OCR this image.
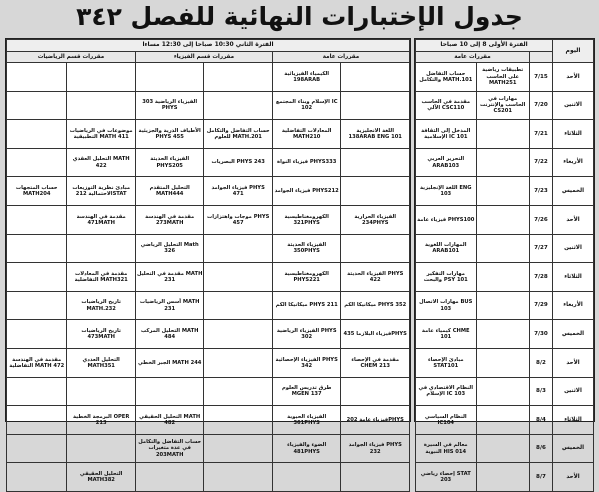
جدول الإختبارات النهائية للفصل ٣٤٢
الفترة الثاني 10:30 صباحا إلى 12:30 مساءا					
مقررات قسم الرياضيات		مقررات قسم الفيزياء		مقررات عامة	

				الكيمياء الفيزيائية 198ARAB	

		الفيزياء الرياضية 303 PHYS		الإسلام وبناء المجتمع IC 102	

	موضوعات في الرياضيات التطبيقية MATH 411	الأطياف الذرية والجزيئية PHYS 455	حساب التفاضل والتكامل للعلوم MATH.201	المعادلات التفاضلية MATH210	اللغة الانجليزية 138ARAB ENG 101

	التحليل العقدي MATH 422	الفيزياء الحديثة PHYS205	البصريات PHYS 243	فيزياء النواة PHYS333	

حساب المتجهات MATH204	مبادئ نظرية التوزيعات الاحتمالية 212STAT	التحليل المتقدم MATH444	فيزياء الجوامد PHYS 471	فيزياء الجوامد PHYS212	

	مقدمة في الهندسة 471MATH	مقدمة في الهندسة 273MATH	موجات واهتزازات PHYS 457	الكهرومغناطيسية 321PHYS	الفيزياء الحرارية 234PHYS

		التحليل الرياضي Math 326		الفيزياء الحديثة 350PHYS	

	مقدمة في المعادلات التفاضلية MATH321	مقدمة في التحليل MATH 231		الكهرومغناطيسية PHYS221	الفيزياء الحديثة PHYS 422

	تاريخ الرياضيات MATH.232	أسس الرياضيات MATH 231		ميكانيكا الكم PHYS 211	ميكانيكا الكم PHYS 352

	تاريخ الرياضيات 473MATH	التحليل المركب MATH 484		الفيزياء الرياضية PHYS 302	فيزياء البلازما 435PHYS

مقدمة في الهندسة التفاضلية MATH 472	التحليل العددي MATH351	الجبر الخطي MATH 244		الفيزياء الإحصائية PHYS 342	مقدمة في الإحصاء CHEM 213

				طرق تدريس العلوم MGEN 137	

	البرمجة الخطية OPER 213	التحليل الحقيقي MATH 482		الفيزياء الحيوية 361PHYS	فيزياء عامة 202PHYS

		حساب التفاضل والتكامل في عدة متغيرات 203MATH		الضوء والفيزياء 481PHYS	فيزياء الجوامد PHYS 232

	التحليل الحقيقي MATH382				

الفترة الأولى 8 إلى 10 صباحا			اليوم
مقررات عامة			

حساب التفاضل والتكامل MATH.101	تطبيقات رياضية على الحاسب MATH251	7/15	الأحد

مقدمة في الحاسب الآلي CSC110	مهارات في الحاسب والإنترنت CS201	7/20	الاثنين

المدخل إلى الثقافة الإسلامية IC 101		7/21	الثلاثاء

التحرير العربي ARAB103		7/22	الأربعاء

اللغة الإنجليزية ENG 103		7/23	الخميس

فيزياء عامة PHYS100		7/26	الأحد

المهارات اللغوية ARAB101		7/27	الاثنين

مهارات التفكير والبحث PSY 101		7/28	الثلاثاء

مهارات الاتصال BUS 103		7/29	الأربعاء

كيمياء عامة CHME 101		7/30	الخميس

مبادئ الإحصاء STAT101		8/2	الأحد

النظام الاقتصادي في الإسلام IC 103		8/3	الاثنين

النظام السياسي IC104		8/4	الثلاثاء

معالم في السيرة النبوية HIS 014		8/6	الخميس

إحصاء رياضي STAT 203		8/7	الأحد
